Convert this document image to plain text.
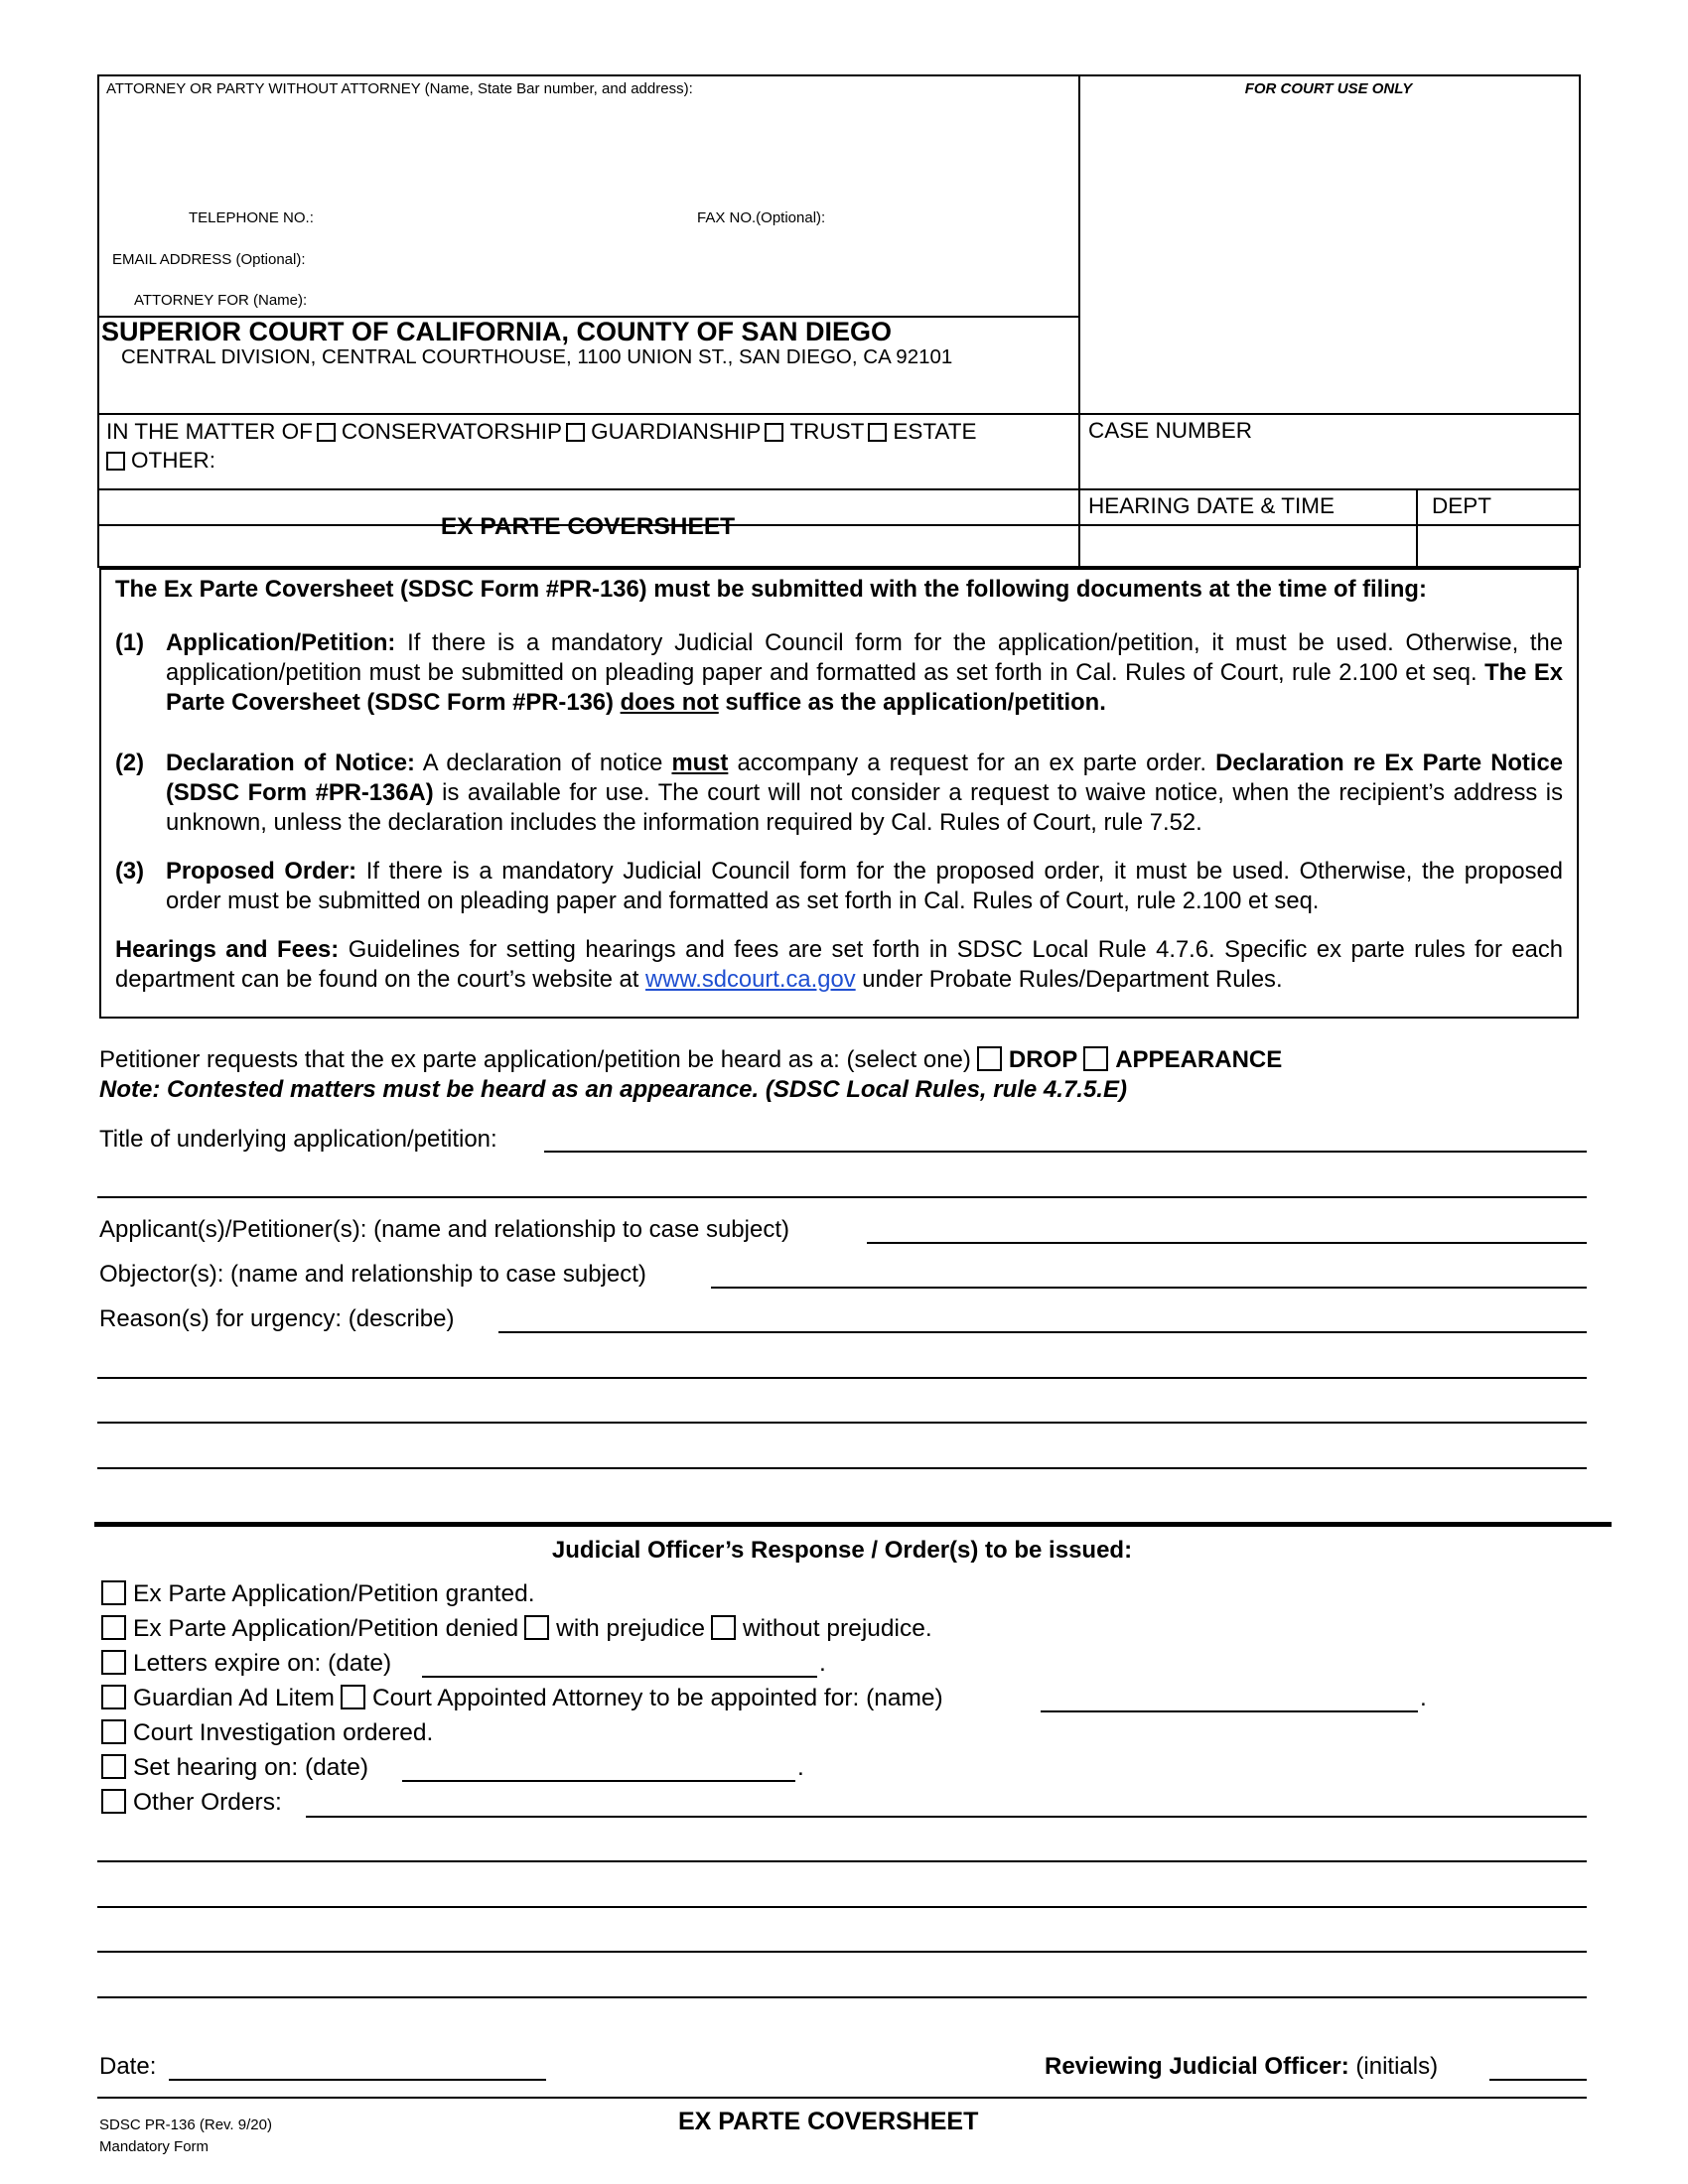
ATTORNEY OR PARTY WITHOUT ATTORNEY (Name, State Bar number, and address):	FOR COURT USE ONLY
TELEPHONE NO.:	FAX NO.(Optional):
EMAIL ADDRESS (Optional):
ATTORNEY FOR (Name):
SUPERIOR COURT OF CALIFORNIA, COUNTY OF SAN DIEGO
CENTRAL DIVISION, CENTRAL COURTHOUSE, 1100 UNION ST., SAN DIEGO, CA 92101
IN THE MATTER OF CONSERVATORSHIP GUARDIANSHIP TRUST ESTATE
OTHER:
CASE NUMBER
HEARING DATE & TIME	DEPT
EX PARTE COVERSHEET

The Ex Parte Coversheet (SDSC Form #PR-136) must be submitted with the following documents at the time of filing:

(1) Application/Petition: If there is a mandatory Judicial Council form for the application/petition, it must be used. Otherwise, the application/petition must be submitted on pleading paper and formatted as set forth in Cal. Rules of Court, rule 2.100 et seq. The Ex Parte Coversheet (SDSC Form #PR-136) does not suffice as the application/petition.
(2) Declaration of Notice: A declaration of notice must accompany a request for an ex parte order. Declaration re Ex Parte Notice (SDSC Form #PR-136A) is available for use. The court will not consider a request to waive notice, when the recipient’s address is unknown, unless the declaration includes the information required by Cal. Rules of Court, rule 7.52.
(3) Proposed Order: If there is a mandatory Judicial Council form for the proposed order, it must be used. Otherwise, the proposed order must be submitted on pleading paper and formatted as set forth in Cal. Rules of Court, rule 2.100 et seq.

Hearings and Fees: Guidelines for setting hearings and fees are set forth in SDSC Local Rule 4.7.6. Specific ex parte rules for each department can be found on the court’s website at www.sdcourt.ca.gov under Probate Rules/Department Rules.

Petitioner requests that the ex parte application/petition be heard as a: (select one) DROP APPEARANCE
Note: Contested matters must be heard as an appearance. (SDSC Local Rules, rule 4.7.5.E)
Title of underlying application/petition:
Applicant(s)/Petitioner(s): (name and relationship to case subject)
Objector(s): (name and relationship to case subject)
Reason(s) for urgency: (describe)
Judicial Officer’s Response / Order(s) to be issued:
Ex Parte Application/Petition granted.
Ex Parte Application/Petition denied with prejudice without prejudice.
Letters expire on: (date)	.
Guardian Ad Litem Court Appointed Attorney to be appointed for: (name)	.
Court Investigation ordered.
Set hearing on: (date)	.
Other Orders:
Date:	Reviewing Judicial Officer: (initials)
SDSC PR-136 (Rev. 9/20)
Mandatory Form
EX PARTE COVERSHEET
